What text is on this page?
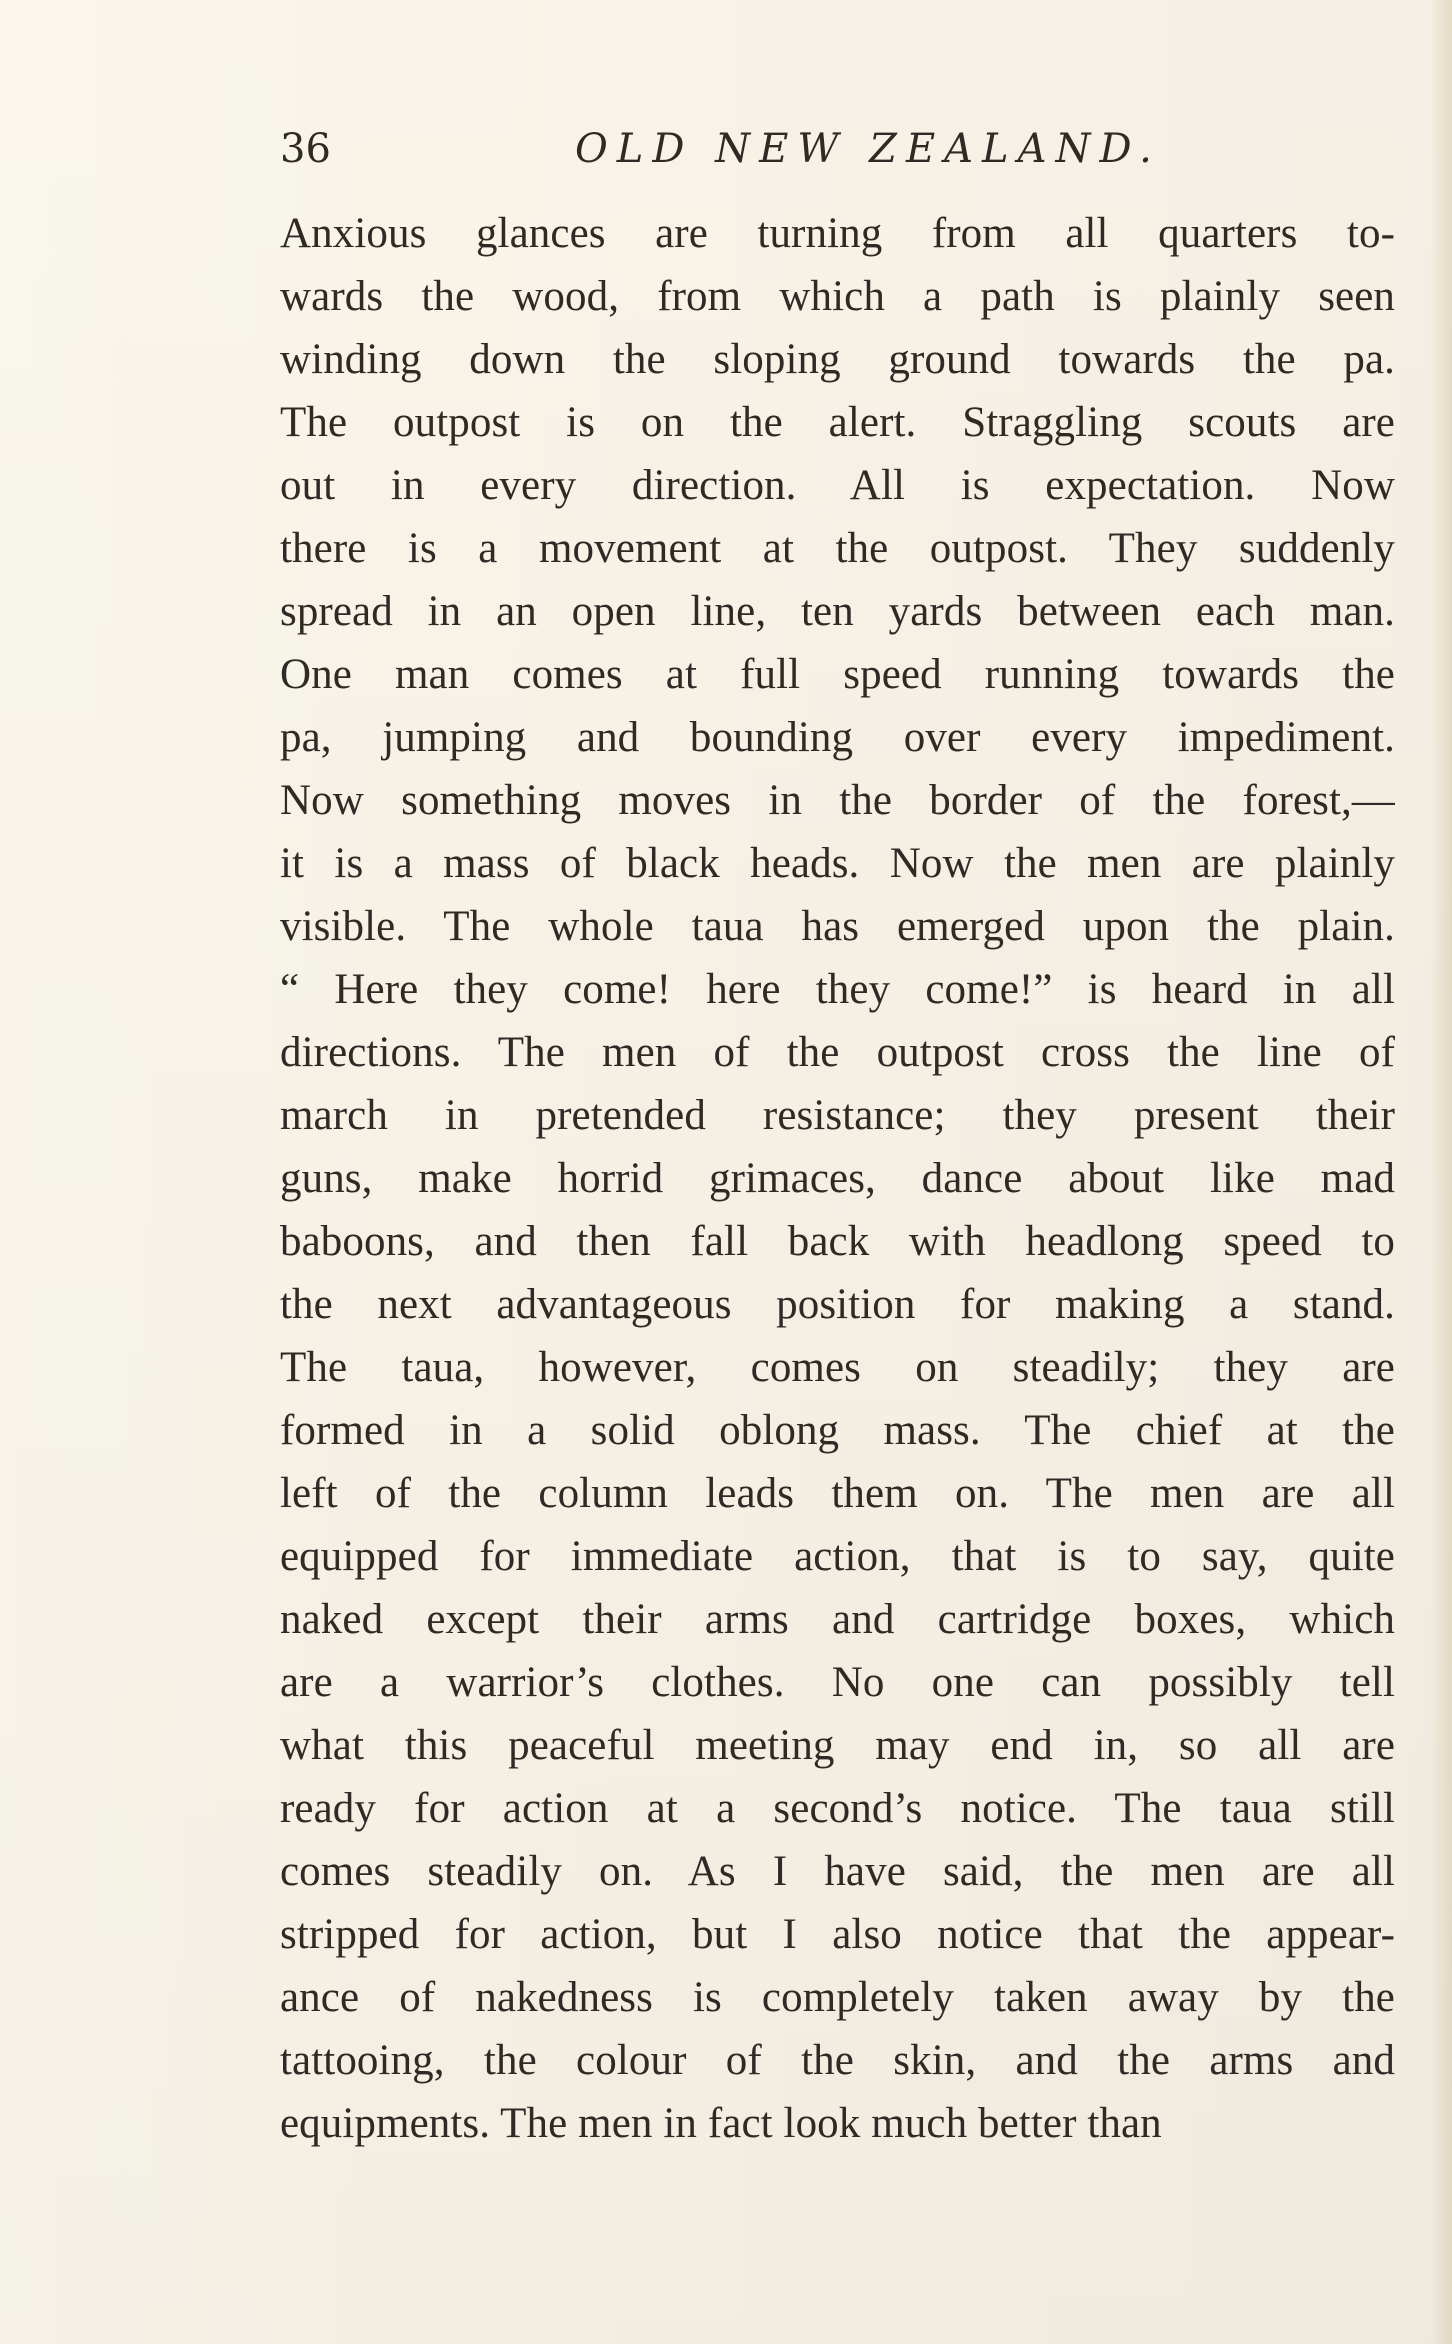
36	OLD NEW ZEALAND.
Anxious glances are turning from all quarters to-
wards the wood, from which a path is plainly seen
winding down the sloping ground towards the pa.
The outpost is on the alert. Straggling scouts are
out in every direction. All is expectation. Now
there is a movement at the outpost. They suddenly
spread in an open line, ten yards between each man.
One man comes at full speed running towards the
pa, jumping and bounding over every impediment.
Now something moves in the border of the forest,—
it is a mass of black heads. Now the men are plainly
visible. The whole taua has emerged upon the plain.
“ Here they come! here they come!” is heard in all
directions. The men of the outpost cross the line of
march in pretended resistance; they present their
guns, make horrid grimaces, dance about like mad
baboons, and then fall back with headlong speed to
the next advantageous position for making a stand.
The taua, however, comes on steadily; they are
formed in a solid oblong mass. The chief at the
left of the column leads them on. The men are all
equipped for immediate action, that is to say, quite
naked except their arms and cartridge boxes, which
are a warrior’s clothes. No one can possibly tell
what this peaceful meeting may end in, so all are
ready for action at a second’s notice. The taua still
comes steadily on. As I have said, the men are all
stripped for action, but I also notice that the appear-
ance of nakedness is completely taken away by the
tattooing, the colour of the skin, and the arms and
equipments. The men in fact look much better than
